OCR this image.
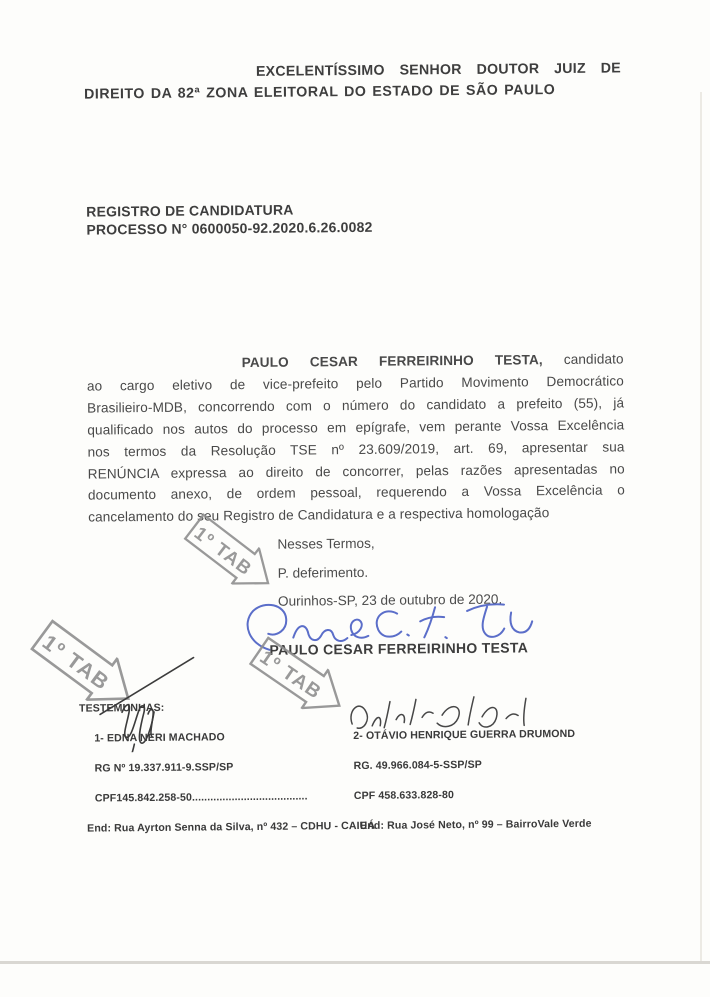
EXCELENTÍSSIMO SENHOR DOUTOR JUIZ DE
DIREITO DA 82ª ZONA ELEITORAL DO ESTADO DE SÃO PAULO
REGISTRO DE CANDIDATURA
PROCESSO N° 0600050-92.2020.6.26.0082
PAULO CESAR FERREIRINHO TESTA, candidato
ao cargo eletivo de vice-prefeito pelo Partido Movimento Democrático
Brasilieiro-MDB, concorrendo com o número do candidato a prefeito (55), já
qualificado nos autos do processo em epígrafe, vem perante Vossa Excelência
nos termos da Resolução TSE nº 23.609/2019, art. 69, apresentar sua
RENÚNCIA expressa ao direito de concorrer, pelas razões apresentadas no
documento anexo, de ordem pessoal, requerendo a Vossa Excelência o
cancelamento do seu Registro de Candidatura e a respectiva homologação
Nesses Termos,
P. deferimento.
Ourinhos-SP, 23 de outubro de 2020.
PAULO CESAR FERREIRINHO TESTA
1º TAB
1º TAB	1º TAB
TESTEMUNHAS:
1- EDNA NERI MACHADO
RG Nº 19.337.911-9.SSP/SP
CPF145.842.258-50......................................
End: Rua Ayrton Senna da Silva, nº 432 – CDHU - CAIUÁ
2- OTÁVIO HENRIQUE GUERRA DRUMOND
RG. 49.966.084-5-SSP/SP
CPF 458.633.828-80
End: Rua José Neto, nº 99 – BairroVale Verde
